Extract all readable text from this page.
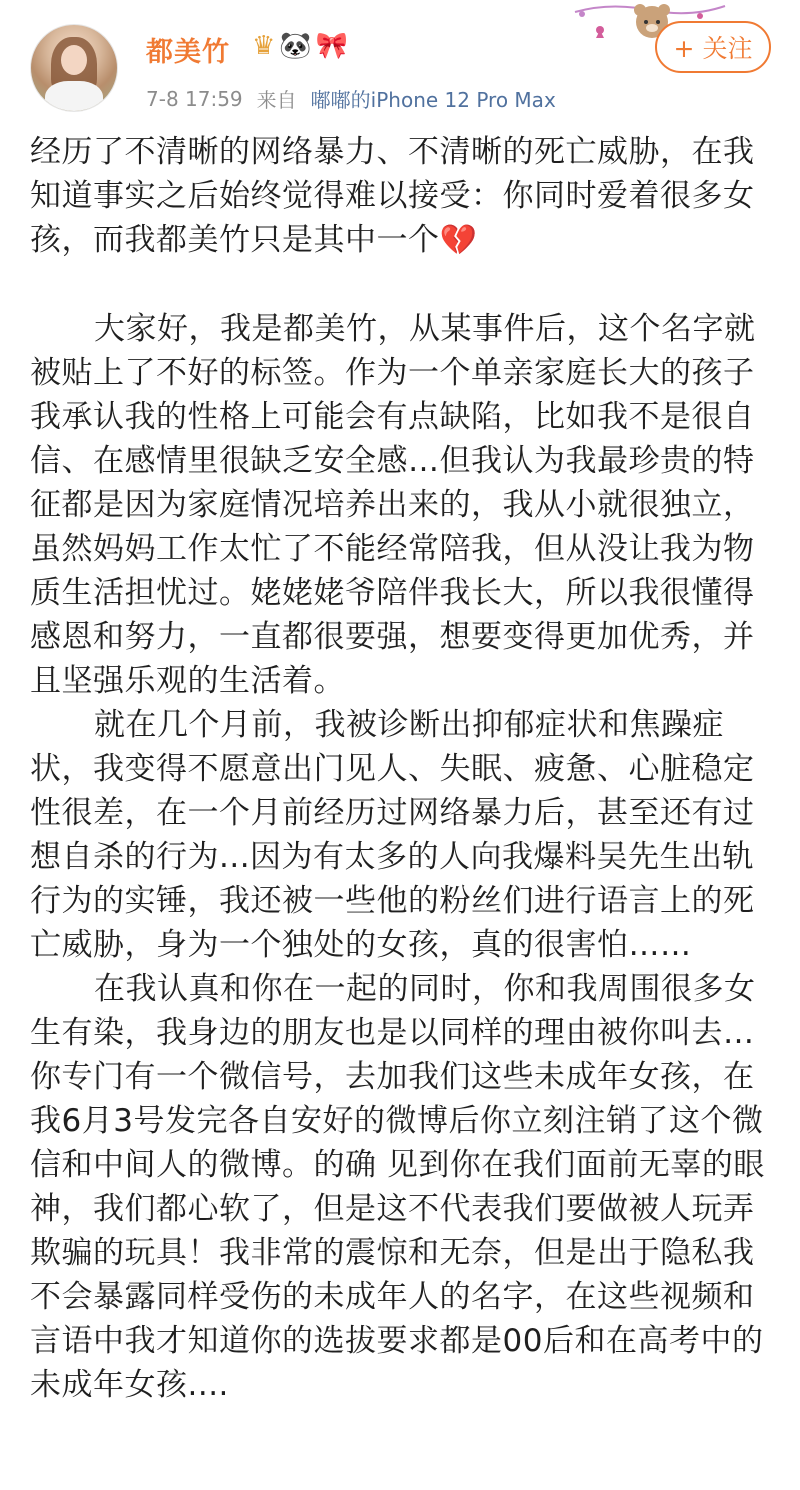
都美竹 ♛ 🐼 🎀
7-8 17:59 来自 嘟嘟的iPhone 12 Pro Max
+ 关注

经历了不清晰的网络暴力、不清晰的死亡威胁，在我知道事实之后始终觉得难以接受：你同时爱着很多女孩，而我都美竹只是其中一个💔

大家好，我是都美竹，从某事件后，这个名字就被贴上了不好的标签。作为一个单亲家庭长大的孩子我承认我的性格上可能会有点缺陷，比如我不是很自信、在感情里很缺乏安全感…但我认为我最珍贵的特征都是因为家庭情况培养出来的，我从小就很独立，虽然妈妈工作太忙了不能经常陪我，但从没让我为物质生活担忧过。姥姥姥爷陪伴我长大，所以我很懂得感恩和努力，一直都很要强，想要变得更加优秀，并且坚强乐观的生活着。

就在几个月前，我被诊断出抑郁症状和焦躁症状，我变得不愿意出门见人、失眠、疲惫、心脏稳定性很差，在一个月前经历过网络暴力后，甚至还有过想自杀的行为...因为有太多的人向我爆料吴先生出轨行为的实锤，我还被一些他的粉丝们进行语言上的死亡威胁，身为一个独处的女孩，真的很害怕……

在我认真和你在一起的同时，你和我周围很多女生有染，我身边的朋友也是以同样的理由被你叫去…你专门有一个微信号，去加我们这些未成年女孩，在我6月3号发完各自安好的微博后你立刻注销了这个微信和中间人的微博。的确 见到你在我们面前无辜的眼神，我们都心软了，但是这不代表我们要做被人玩弄欺骗的玩具！我非常的震惊和无奈，但是出于隐私我不会暴露同样受伤的未成年人的名字，在这些视频和言语中我才知道你的选拔要求都是00后和在高考中的未成年女孩....
